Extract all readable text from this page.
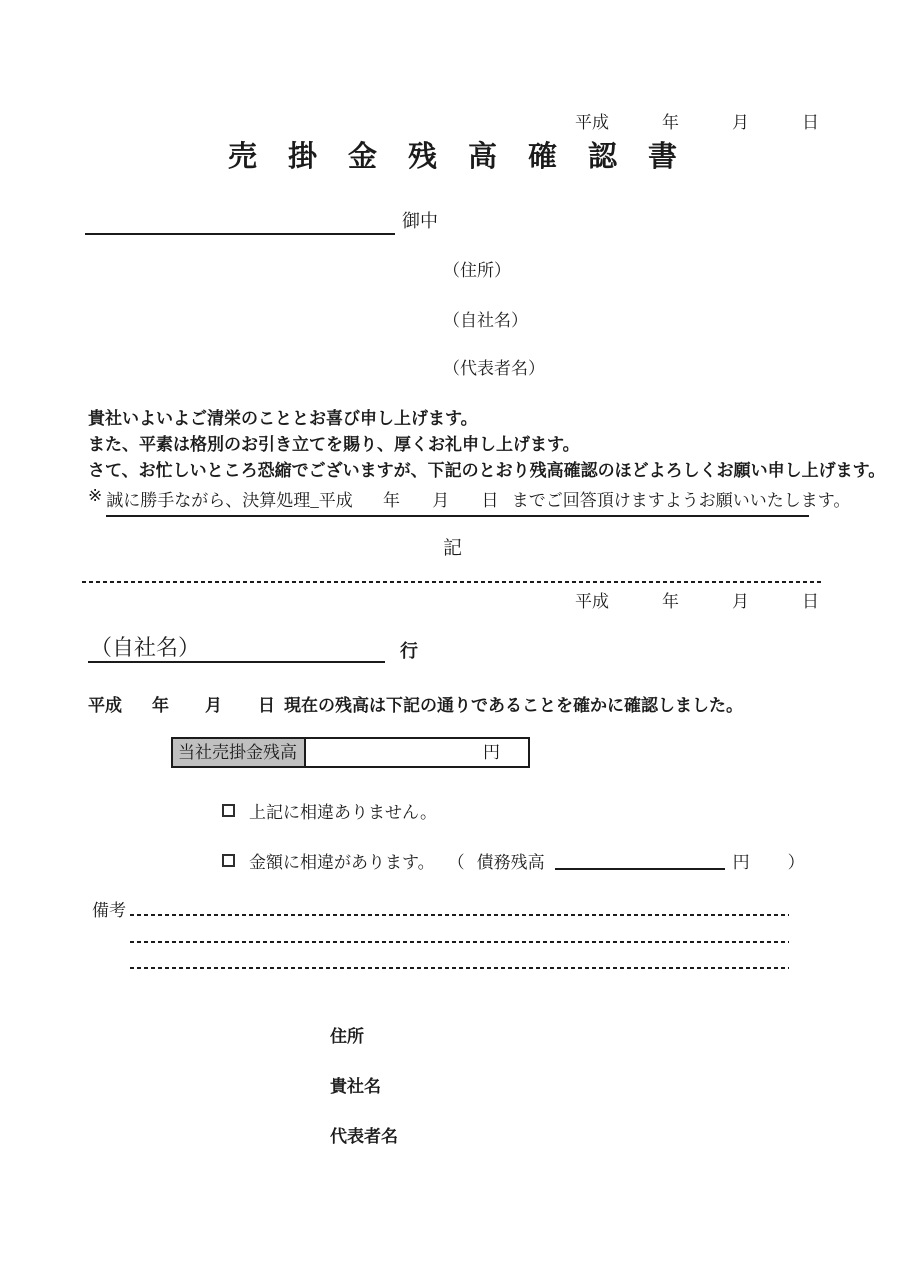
平成	年	月	日
売掛金残高確認書
御中
（住所）
（自社名）
（代表者名）
貴社いよいよご清栄のこととお喜び申し上げます。
また、平素は格別のお引き立てを賜り、厚くお礼申し上げます。
さて、お忙しいところ恐縮でございますが、下記のとおり残高確認のほどよろしくお願い申し上げます。
※ 誠に勝手ながら、決算処理_平成 年 月 日 までご回答頂けますようお願いいたします。
記
平成	年	月	日
（自社名）	行
平成 年 月 日 現在の残高は下記の通りであることを確かに確認しました。
当社売掛金残高	円
上記に相違ありません。
金額に相違があります。 （ 債務残高	円 ）
備考
住所
貴社名
代表者名
